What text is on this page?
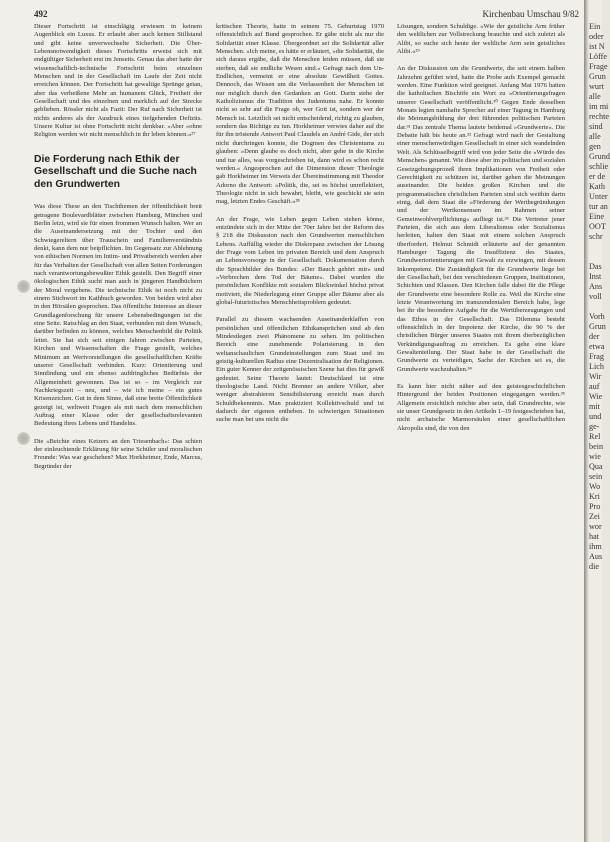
492	Kirchenbau Umschau 9/82

Dieser Fortschritt ist einschlägig erwiesen in keinem Augenblick ein Luxus. Er erlaubt aber auch keinen Stillstand und gibt keine unverwechselte Sicherheit. Die Über-Lebensnotwendigkeit dieses Fortschritts erweist sich mit endgültiger Sicherheit erst im Jenseits. Genau das aber hatte der wissenschaftlich-technische Fortschritt beim einzelnen Menschen und in der Gesellschaft im Laufe der Zeit nicht erreichen können. Der Fortschritt hat gewaltige Sprünge getan, aber das verheißene Mehr an humanem Glück, Freiheit der Gesellschaft und des einzelnen und merklich auf der Strecke geblieben. Rössler nicht als Fazit: Der Ruf nach Sicherheit ist nichts anderes als der Ausdruck eines tiefgehenden Defizits. Unsere Kultur ist ohne Fortschritt nicht denkbar. »Aber »ohne Religion werden wir nicht menschlich in ihr leben können.«²⁷

Die Forderung nach Ethik der Gesellschaft und die Suche nach den Grundwerten

Was diese These an den Tischthemen der öffentlichkeit breit getragene Boulevardblätter zwischen Hamburg, München und Berlin letzt, wird sie für einen frommen Wunsch halten. Wer an die Auseinandersetzung mit der Tochter und den Schwiegereltern über Trauschein und Familienverständnis denkt, kann dem nur beipflichten. Im Gegensatz zur Ablehnung von ethischen Normen im Intim- und Privatbereich werden aber für das Verhalten der Gesellschaft von allen Seiten Forderungen nach verantwortungsbewußter Ethik gestellt. Den Begriff einer ökologischen Ethik sucht man auch in jüngeren Handbüchern der Moral vergebens. Die technische Ethik ist noch nicht zu einem Stichwort im Kathbuch geworden. Von beiden wird aber in den Hörsälen gesprochen. Das öffentliche Interesse an dieser Grundlagenforschung für unsere Lebensbedingungen ist die eine Seite. Ratschlag an den Staat, verbunden mit dem Wunsch, darüber befinden zu können, welches Menschenbild die Politik leitet. Sie hat sich seit einigen Jahren zwischen Parteien, Kirchen und Wissenschaften die Frage gestellt, welches Minimum an Wertvorstellungen die gesellschaftlichen Kräfte unserer Gesellschaft verbinden. Kurz: Orientierung und Sinnfindung und ein ebenso aufdringliches Bedürfnis der Allgemeinheit gewonnen. Das ist so – im Vergleich zur Nachkriegszeit – neu, und – wie ich meine – ein gutes Krisenzeichen. Gut in dem Sinne, daß eine breite Öffentlichkeit gezeigt ist, weltweit Fragen als mit nach dem menschlichen Auftrag einer Klasse oder der gesellschaftsrelevanten Bedeutung ihres Lebens und Handelns.

Die »Beichte eines Ketzers an den Triesenbach«: Das schien der einleuchtende Erklärung für seine Schüler und moralischen Freunde: Was war geschehen? Max Horkheimer, Ende, Marcus, Begründer der

kritischen Theorie, hatte in seinem 75. Geburtstag 1970 offensichtlich auf Bund gesprochen. Er gäbe nicht als nur die Solidarität einer Klasse. Übergeordnet sei die Solidarität aller Menschen. »Ich meine, es hätte er erläutert, »die Solidarität, die sich daraus ergäbe, daß die Menschen leiden müssen, daß sie sterben, daß sie endliche Wesen sind.« Gefragt nach dem Un-Endlichen, vermeint er eine absolute Gewißheit Gottes. Dennoch, das Wissen um die Verlassenheit der Menschen ist nur möglich durch den Gedanken an Gott. Darin stehe der Katholizismus die Tradition des Judentums nahe. Er konnte nicht so sehr auf die Frage ob, wer Gott ist, sondern wer der Mensch ist. Letztlich sei nicht entscheidend, richtig zu glauben, sondern das Richtige zu tun. Horkheimer verwies daher auf die für ihn tröstende Antwort Paul Claudels an André Gide, der sich nicht durchringen konnte, die Dogmen des Christentums zu glauben: »Denn glaube es doch nicht, aber gehe in die Kirche und tue alles, was vorgeschrieben ist, dann wird es schon recht werden.« Angesprochen auf die Dimension dieser Theologie gab Horkheimer im Verweis der Übereinstimmung mit Theodor Adorno die Antwort: »Politik, die, sei es höchst unreflektiert, Theologie nicht in sich bewahrt, bleibt, wie geschickt sie sein mag, letzten Endes Geschäft.«²⁸

An der Frage, wie Leben gegen Leben stehen könne, entzündete sich in der Mitte der 70er Jahre bei der Reform des § 218 die Diskussion nach den Grundwerten menschlichen Lebens. Auffällig wieder die Diskrepanz zwischen der Lösung der Frage vom Leben im privaten Bereich und dem Anspruch an Lebensvorsorge in der Gesellschaft. Dokumentation durch die Sprachbilder des Bundes: »Der Bauch gehört mir« und »Verbrechen dem Tod der Bäume«. Dabei wurden die persönlichen Konflikte mit sozialem Blickwinkel höchst privat motiviert, die Niederlegung einer Gruppe aller Bäume aber als global-futuristisches Menschheitsproblem gedeutet.

Parallel zu diesem wachsenden Auseinanderklaffen von persönlichen und öffentlichen Ethikansprüchen sind ab den Mindestlegen zwei Phänomene zu sehen. Im politischen Bereich eine zunehmende Polarisierung in den weltanschaulichen Grundeinstellungen zum Staat und im geistig-kulturellen Radius eine Dezentralisation der Religionen. Ein guter Kenner der zeitgenössischen Szene hat dies für gewiß gedeutet. Seine Theorie lautet: Deutschland ist eine theologische Land. Nicht Brenner an andere Völker, aber weniger abstrahieren Sensibilisierung erreicht man durch Schuldbekenntnis. Man praktiziert Kollektivschuld und ist dadurch der eigenen entheben. In schwierigen Situationen suche man bei uns nicht die

Lösungen, sondern Schuldige. »Wie der geistliche Arm früher den weltlichen zur Vollstreckung brauchte und sich zuletzt als Alibi, so suche sich heute der weltliche Arm sein geistliches Alibi.«²⁹

An der Diskussion um die Grundwerte, die seit einem halben Jahrzehnt geführt wird, hatte die Probe aufs Exempel gemacht werden. Eine Funktion wird geeignet. Anfang Mai 1976 hatten die katholischen Bischöfe ein Wort zu »Orientierungsfragen unserer Gesellschaft veröffentlicht.³⁰ Gegen Ende desselben Monats legten namhafte Sprecher auf einer Tagung in Hamburg die Meinungsbildung der drei führenden politischen Parteien dar.³¹ Das zentrale Thema lautete beidemal »Grundwerte«. Die Debatte hält bis heute an.³² Gefragt wird nach der Gestaltung einer menschenwürdigen Gesellschaft in einer sich wandelnden Welt. Als Schlüsselbegriff wird von jeder Seite die »Würde des Menschen« genannt. Wie diese aber im politischen und sozialen Gesetzgebungsprozeß ihren Implikationen von Freiheit oder Gerechtigkeit zu schützen ist, darüber gehen die Meinungen auseinander. Die beiden großen Kirchen und die programmatischen christlichen Parteien sind sich weithin darin einig, daß dem Staat die »Förderung der Werthegründungen und der Wertkonsensen im Rahmen seiner Gemeinwohlverpflichtung« aufliegt ist.³³ Die Vertreter jener Parteien, die sich aus dem Liberalismus oder Sozialismus herleiten, halten den Staat mit einem solchen Anspruch überfordert. Helmut Schmidt erläuterte auf der genannten Hamburger Tagung die Insuffizienz des Staates, Grundwertorientierungen mit Gewalt zu erzwingen, mit dessen Inkompetenz. Die Zuständigkeit für die Grundwerte liege bei der Gesellschaft, bei den verschiedenen Gruppen, Institutionen, Schichten und Klassen. Den Kirchen falle dabei für die Pflege der Grundwerte eine besondere Rolle zu. Weil die Kirche eine letzte Verantwortung im transzendentalen Bereich habe, lege bei ihr die besondere Aufgabe für die Wertüberzeugungen und das Ethos in der Gesellschaft. Das Dilemma besteht offensichtlich in der Impotenz der Kirche, die 90 % der christlichen Bürger unseres Staates mit ihrem dierbezüglichen Verkündigungsauftrag zu erreichen. Es gehe eine klare Gewaltenteilung. Der Staat habe in der Gesellschaft die Grundwerte zu verteidigen, Sache der Kirchen sei es, die Grundwerte wachzuhalten.³⁴

Es kann hier nicht näher auf den geistesgeschichtlichen Hintergrund der beiden Positionen eingegangen werden.³⁵ Allgemein ersichtlich möchte aber sein, daß Grundrechte, wie sie unser Grundgesetz in den Artikeln 1–19 festgeschrieben hat, nicht archaische Marmorsäulen einer gesellschaftlichen Akropolis sind, die von den

Ein
oder
ist N
Löffe
Frage
Grun
wurt
alle
im mi
rechte
sind
alle
gen
Grund
schlie
er de
Kath
Unter
tur an
Eine
OOT
schr

Das
Inst
Ans
voll

Vorh
Grun
der
etwa
Frag
Lich
Wir
auf
Wie
mit
und
ge-
Rel
bein
wie
Qua
sein
Wo
Kri
Pro
Zei
wor
hat
ihm
Aus
die
